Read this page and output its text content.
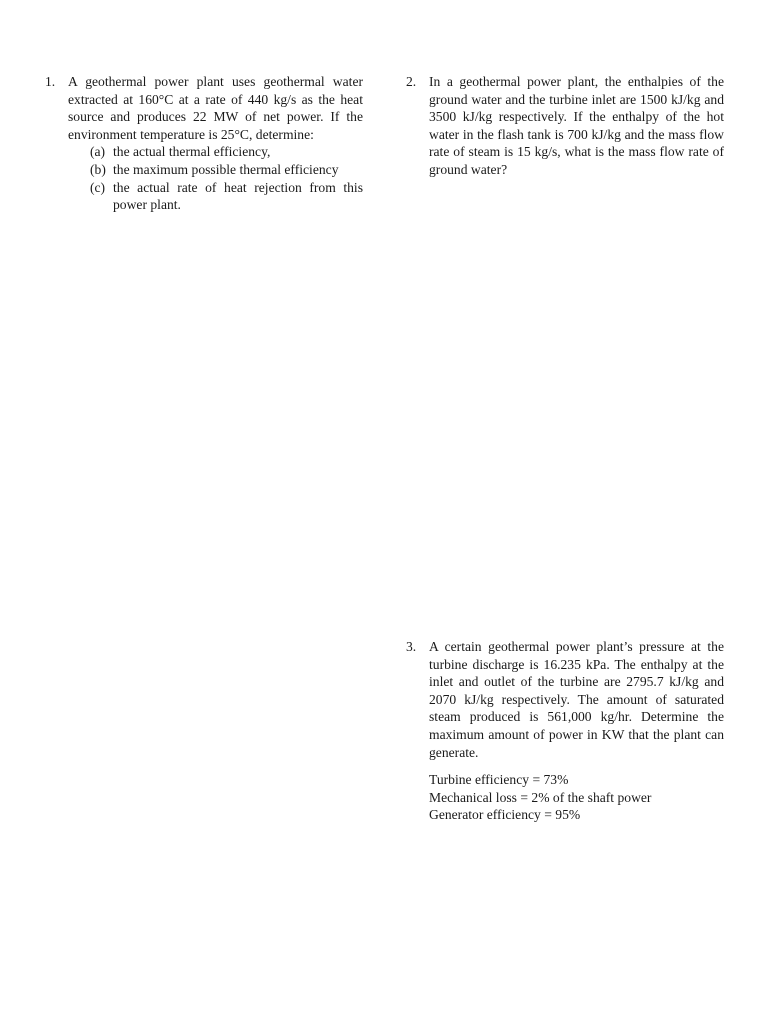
1. A geothermal power plant uses geothermal water extracted at 160°C at a rate of 440 kg/s as the heat source and produces 22 MW of net power. If the environment temperature is 25°C, determine:
(a) the actual thermal efficiency,
(b) the maximum possible thermal efficiency
(c) the actual rate of heat rejection from this power plant.
2. In a geothermal power plant, the enthalpies of the ground water and the turbine inlet are 1500 kJ/kg and 3500 kJ/kg respectively. If the enthalpy of the hot water in the flash tank is 700 kJ/kg and the mass flow rate of steam is 15 kg/s, what is the mass flow rate of ground water?
3. A certain geothermal power plant’s pressure at the turbine discharge is 16.235 kPa. The enthalpy at the inlet and outlet of the turbine are 2795.7 kJ/kg and 2070 kJ/kg respectively. The amount of saturated steam produced is 561,000 kg/hr. Determine the maximum amount of power in KW that the plant can generate.
Turbine efficiency = 73%
Mechanical loss = 2% of the shaft power
Generator efficiency = 95%
